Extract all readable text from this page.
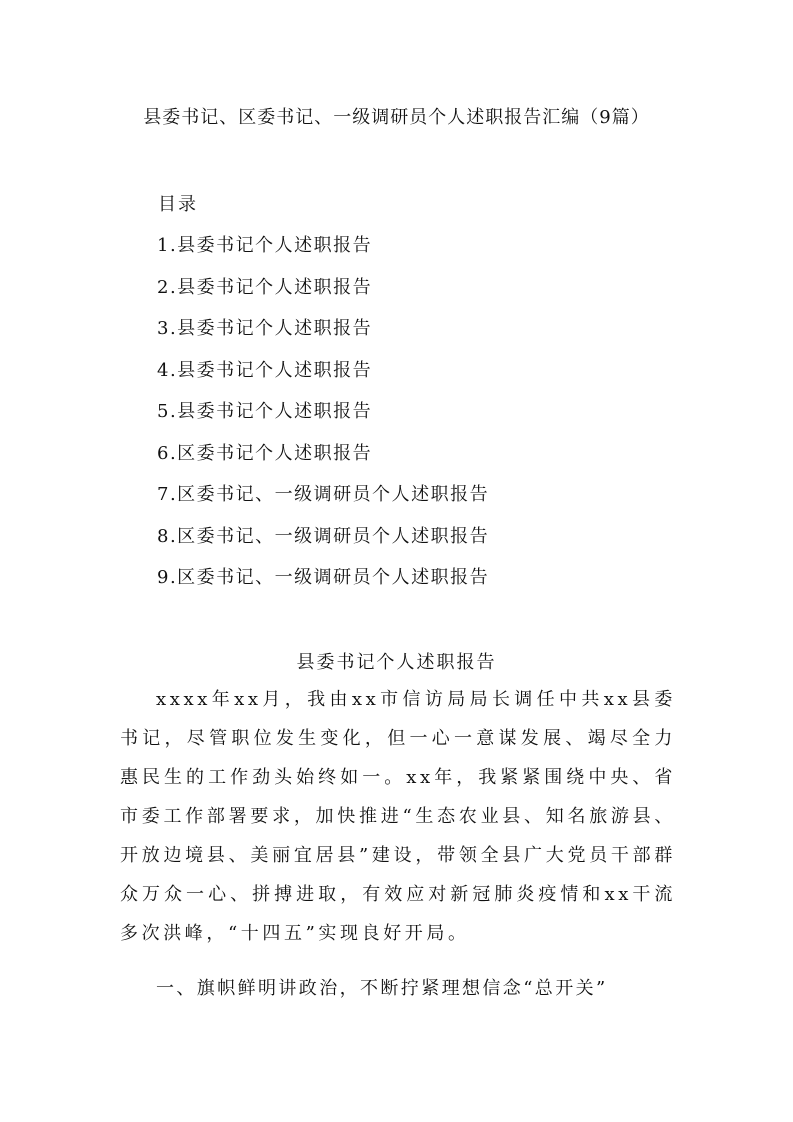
县委书记、区委书记、一级调研员个人述职报告汇编（9篇）
目录
1.县委书记个人述职报告
2.县委书记个人述职报告
3.县委书记个人述职报告
4.县委书记个人述职报告
5.县委书记个人述职报告
6.区委书记个人述职报告
7.区委书记、一级调研员个人述职报告
8.区委书记、一级调研员个人述职报告
9.区委书记、一级调研员个人述职报告
县委书记个人述职报告

xxxx年xx月，我由xx市信访局局长调任中共xx县委书记，尽管职位发生变化，但一心一意谋发展、竭尽全力惠民生的工作劲头始终如一。xx年，我紧紧围绕中央、省市委工作部署要求，加快推进“生态农业县、知名旅游县、开放边境县、美丽宜居县”建设，带领全县广大党员干部群众万众一心、拼搏进取，有效应对新冠肺炎疫情和xx干流多次洪峰，“十四五”实现良好开局。

一、旗帜鲜明讲政治，不断拧紧理想信念“总开关”
